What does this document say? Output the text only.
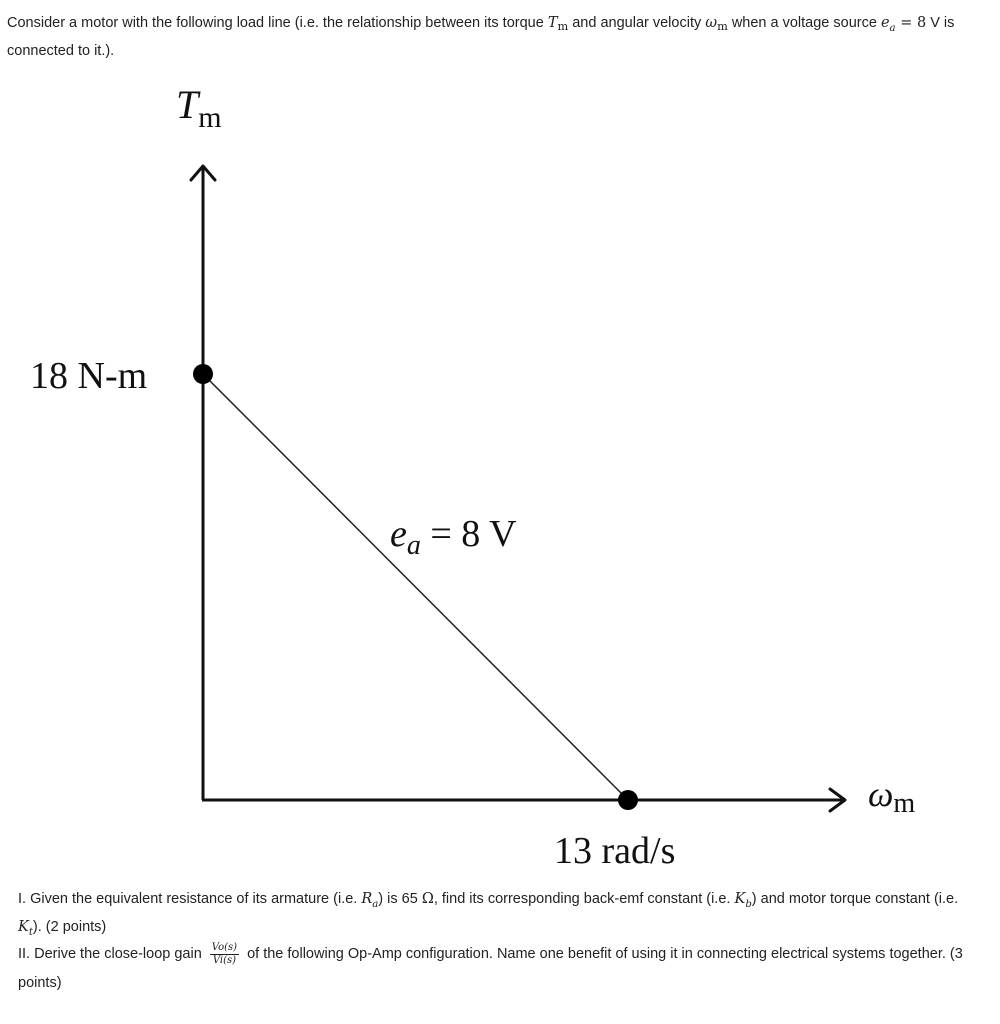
Consider a motor with the following load line (i.e. the relationship between its torque Tm and angular velocity ωm when a voltage source $e_a = 8$ V is connected to it.).
$T_m$
ωm
18 N-m
13 rad/s
$e_a = 8$ V
I. Given the equivalent resistance of its armature (i.e. $R_a$) is 65 Ω, find its corresponding back-emf constant (i.e. $K_b$) and motor torque constant (i.e. $K_t$). (2 points)
II. Derive the close-loop gain $\frac{Vo(s)}{Vi(s)}$ of the following Op-Amp configuration. Name one benefit of using it in connecting electrical systems together. (3 points)
